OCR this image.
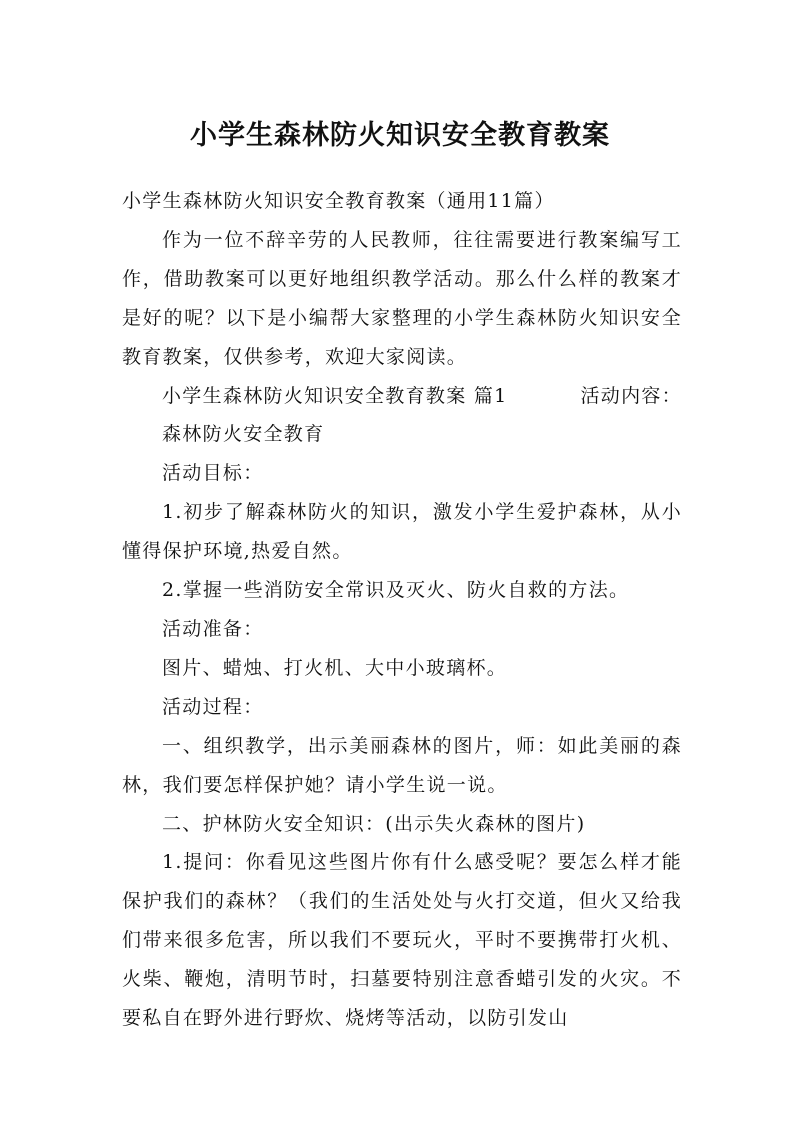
小学生森林防火知识安全教育教案

小学生森林防火知识安全教育教案（通用11篇）

作为一位不辞辛劳的人民教师，往往需要进行教案编写工作，借助教案可以更好地组织教学活动。那么什么样的教案才是好的呢？以下是小编帮大家整理的小学生森林防火知识安全教育教案，仅供参考，欢迎大家阅读。

小学生森林防火知识安全教育教案 篇1	活动内容：

森林防火安全教育

活动目标：

1.初步了解森林防火的知识，激发小学生爱护森林，从小懂得保护环境,热爱自然。

2.掌握一些消防安全常识及灭火、防火自救的方法。

活动准备：

图片、蜡烛、打火机、大中小玻璃杯。

活动过程：

一、组织教学，出示美丽森林的图片，师：如此美丽的森林，我们要怎样保护她？请小学生说一说。

二、护林防火安全知识：(出示失火森林的图片)

1.提问：你看见这些图片你有什么感受呢？要怎么样才能保护我们的森林？（我们的生活处处与火打交道，但火又给我们带来很多危害，所以我们不要玩火，平时不要携带打火机、火柴、鞭炮，清明节时，扫墓要特别注意香蜡引发的火灾。不要私自在野外进行野炊、烧烤等活动，以防引发山
